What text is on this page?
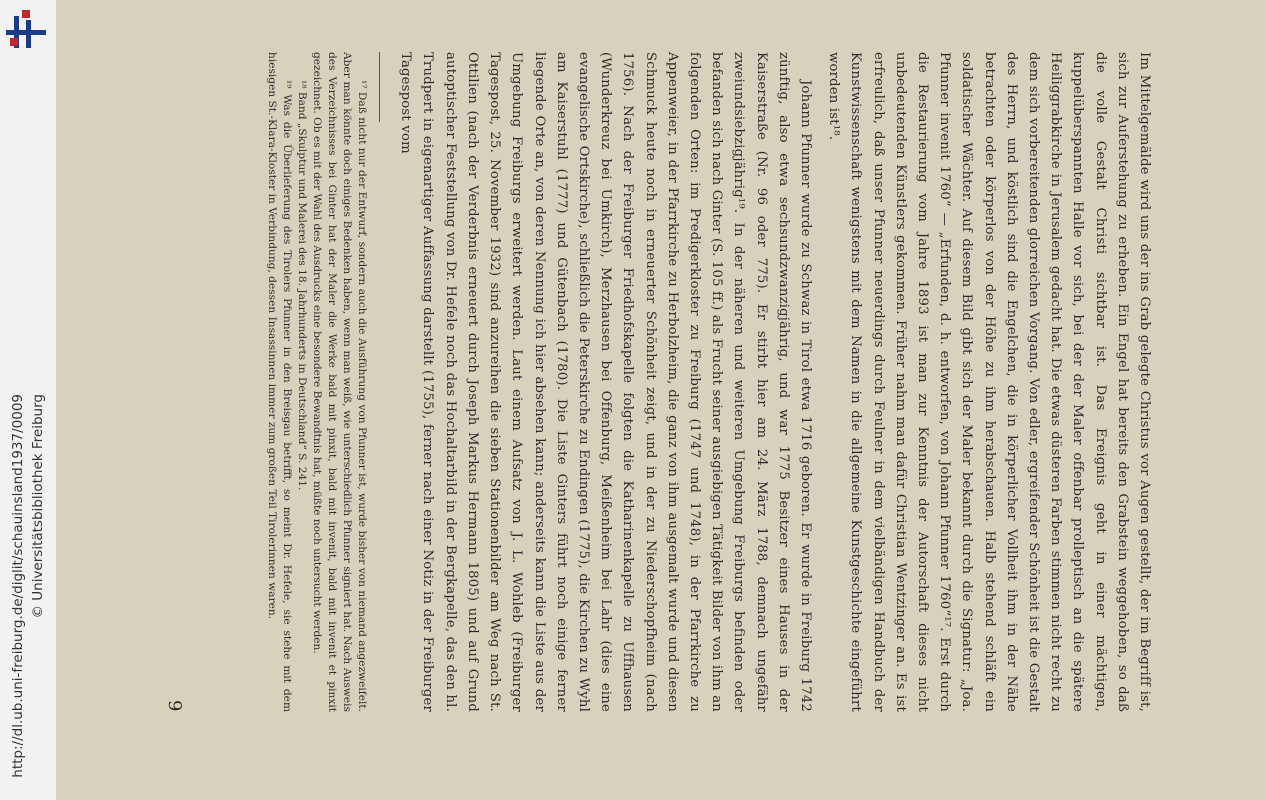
http://dl.ub.uni-freiburg.de/diglit/schauinsland1937/0009 © Universitätsbibliothek Freiburg	Im Mittelgemälde wird uns der ins Grab gelegte Christus vor Augen gestellt, der im Begriff ist, sich zur Auferstehung zu erheben. Ein Engel hat bereits den Grabstein weggehoben, so daß die volle Gestalt Christi sichtbar ist. Das Ereignis geht in einer mächtigen, kuppelüberspannten Halle vor sich, bei der der Maler offenbar prolleptisch an die spätere Heiliggrabkirche in Jerusalem gedacht hat. Die etwas düsteren Farben stimmen nicht recht zu dem sich vorbereitenden glorreichen Vorgang. Von edler, ergreifender Schönheit ist die Gestalt des Herrn, und köstlich sind die Engelchen, die in körperlicher Vollheit ihm in der Nähe betrachten oder körperlos von der Höhe zu ihm herabschauen. Halb stehend schläft ein soldatischer Wächter. Auf diesem Bild gibt sich der Maler bekannt durch die Signatur: „Joa. Pfunner invenit 1760“ — „Erfunden, d. h. entworfen, von Johann Pfunner 1760“¹⁷. Erst durch die Restaurierung vom Jahre 1893 ist man zur Kenntnis der Autorschaft dieses nicht unbedeutenden Künstlers gekommen. Früher nahm man dafür Christian Wentzinger an. Es ist erfreulich, daß unser Pfunner neuerdings durch Feulner in dem vielbändigen Handbuch der Kunstwissenschaft wenigstens mit dem Namen in die allgemeine Kunstgeschichte eingeführt worden ist¹⁸.

Johann Pfunner wurde zu Schwaz in Tirol etwa 1716 geboren. Er wurde in Freiburg 1742 zünftig, also etwa sechsundzwanzigjährig, und war 1775 Besitzer eines Hauses in der Kaiserstraße (Nr. 96 oder 775). Er stirbt hier am 24. März 1788, demnach ungefähr zweiundsiebzigjährig¹⁹. In der näheren und weiteren Umgebung Freiburgs befinden oder befanden sich nach Ginter (S. 105 ff.) als Frucht seiner ausgiebigen Tätigkeit Bilder von ihm an folgenden Orten: im Predigerkloster zu Freiburg (1747 und 1748), in der Pfarrkirche zu Appenweier, in der Pfarrkirche zu Herbolzheim, die ganz von ihm ausgemalt wurde und diesen Schmuck heute noch in erneuerter Schönheit zeigt, und in der zu Niederschopfheim (nach 1756). Nach der Freiburger Friedhofskapelle folgten die Katharinenkapelle zu Uffhausen (Wunderkreuz bei Umkirch), Merzhausen bei Offenburg, Meißenheim bei Lahr (dies eine evangelische Ortskirche), schließlich die Peterskirche zu Endingen (1775), die Kirchen zu Wyhl am Kaiserstuhl (1777) und Gütenbach (1780). Die Liste Ginters führt noch einige ferner liegende Orte an, von deren Nennung ich hier absehen kann; anderseits kann die Liste aus der Umgebung Freiburgs erweitert werden. Laut einem Aufsatz von J. L. Wohleb (Freiburger Tagespost, 25. November 1932) sind anzureihen die sieben Stationenbilder am Weg nach St. Ottilien (nach der Verderbnis erneuert durch Joseph Markus Hermann 1805) und auf Grund autoptischer Feststellung von Dr. Hefele noch das Hochaltarbild in der Bergkapelle, das den hl. Trudpert in eigenartiger Auffassung darstellt (1755), ferner nach einer Notiz in der Freiburger Tagespost vom

¹⁷ Daß nicht nur der Entwurf, sondern auch die Ausführung von Pfunner ist, wurde bisher von niemand angezweifelt. Aber man könnte doch einiges Bedenken haben, wenn man weiß, wie unterschiedlich Pfunner signiert hat. Nach Ausweis des Verzeichnisses bei Ginter hat der Maler die Werke bald mit pinxit, bald mit invenit, bald mit invenit et pinxit gezeichnet. Ob es mit der Wahl des Ausdrucks eine besondere Bewandtnis hat, müßte noch untersucht werden.

¹⁸ Band „Skulptur und Malerei des 18. Jahrhunderts in Deutschland“ S. 241.

¹⁹ Was die Überlieferung des Tirolers Pfunner in den Breisgau betrifft, so meint Dr. Hefele, sie stehe mit dem hiesigen St.-Klara-Kloster in Verbindung, dessen Insassinnen immer zum großen Teil Tirolerinnen waren.

9
